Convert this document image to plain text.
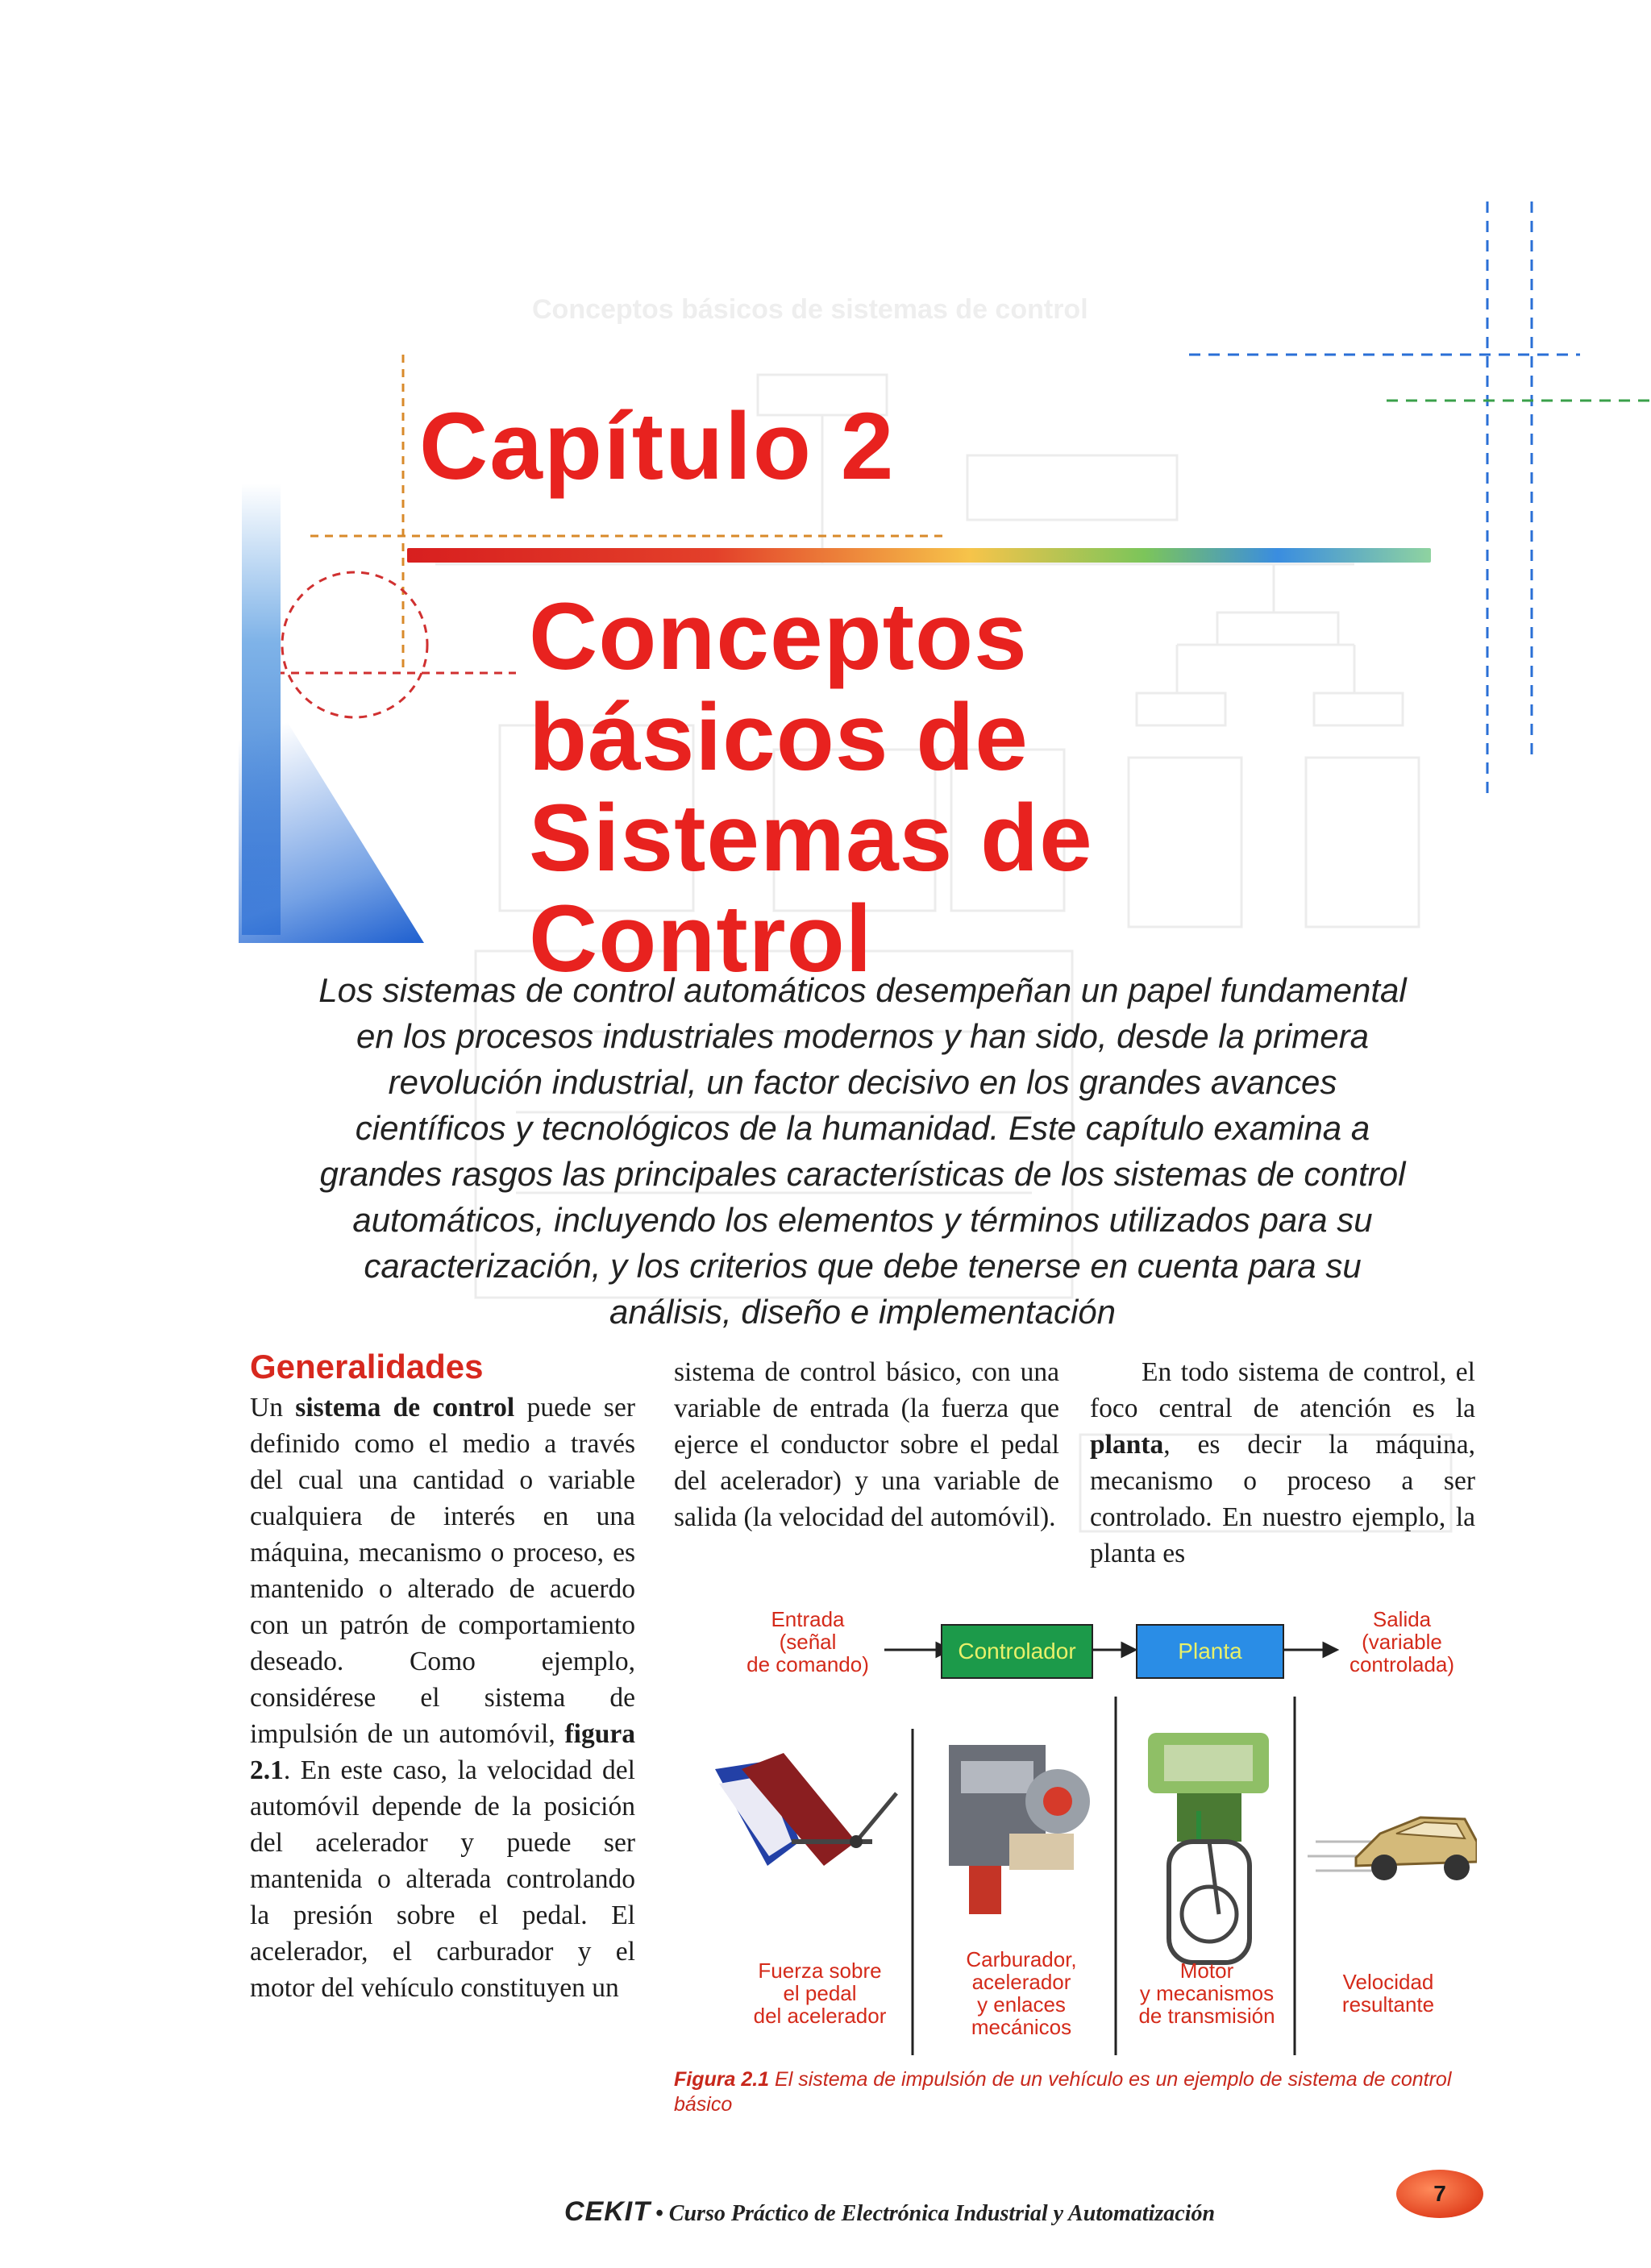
Conceptos básicos de sistemas de control
Capítulo 2
Conceptos
básicos de
Sistemas de
Control
Los sistemas de control automáticos desempeñan un papel fundamental
en los procesos industriales modernos y han sido, desde la primera
revolución industrial, un factor decisivo en los grandes avances
científicos y tecnológicos de la humanidad. Este capítulo examina a
grandes rasgos las principales características de los sistemas de control
automáticos, incluyendo los elementos y términos utilizados para su
caracterización, y los criterios que debe tenerse en cuenta para su
análisis, diseño e implementación
Generalidades

Un sistema de control puede ser definido como el medio a través del cual una cantidad o variable cualquiera de interés en una máquina, mecanismo o proceso, es mantenido o alterado de acuerdo con un patrón de comportamiento deseado. Como ejemplo, considérese el sistema de impulsión de un automóvil, figura 2.1. En este caso, la velocidad del automóvil depende de la posición del acelerador y puede ser mantenida o alterada controlando la presión sobre el pedal. El acelerador, el carburador y el motor del vehículo constituyen un

sistema de control básico, con una variable de entrada (la fuerza que ejerce el conductor sobre el pedal del acelerador) y una variable de salida (la velocidad del automóvil).

En todo sistema de control, el foco central de atención es la planta, es decir la máquina, mecanismo o proceso a ser controlado. En nuestro ejemplo, la planta es

Entrada
(señal
de comando)
Controlador	Planta
Salida
(variable
controlada)
Fuerza sobre
el pedal
del acelerador
Carburador,
acelerador
y enlaces
mecánicos
Motor
y mecanismos
de transmisión
Velocidad
resultante
Figura 2.1 El sistema de impulsión de un vehículo es un ejemplo de sistema de control básico
CEKIT • Curso Práctico de Electrónica Industrial y Automatización
7
